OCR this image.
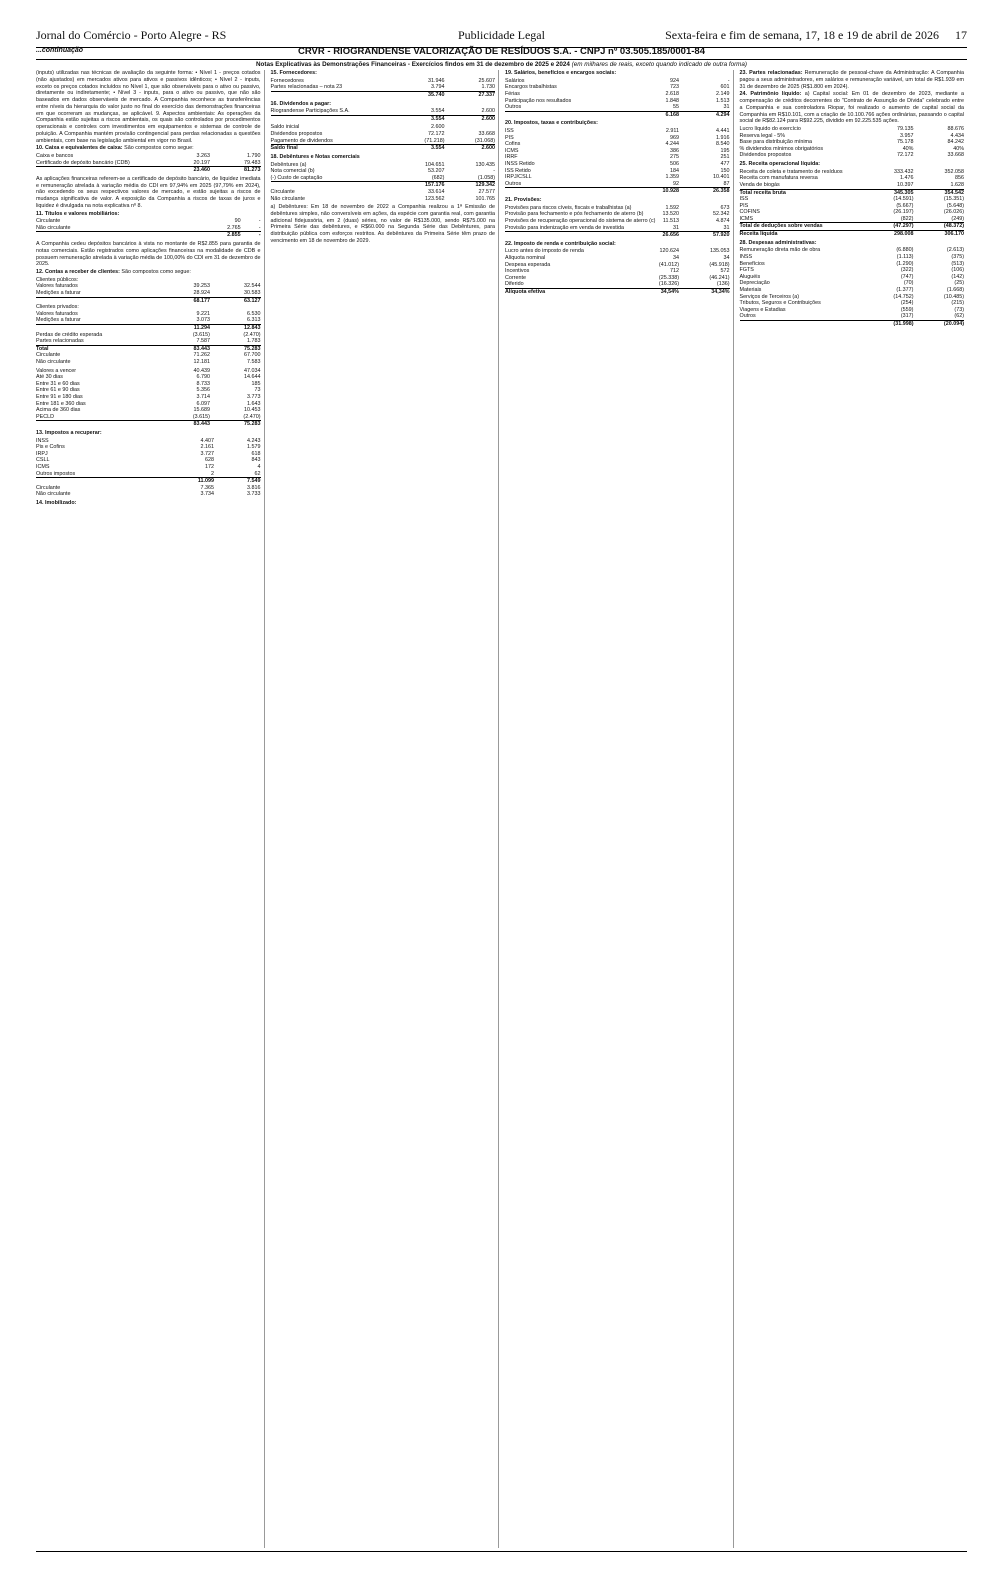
Jornal do Comércio - Porto Alegre - RS	Publicidade Legal	Sexta-feira e fim de semana, 17, 18 e 19 de abril de 2026 17
CRVR - RIOGRANDENSE VALORIZAÇÃO DE RESÍDUOS S.A. - CNPJ nº 03.505.185/0001-84
...continuação
Notas Explicativas às Demonstrações Financeiras - Exercícios findos em 31 de dezembro de 2025 e 2024 (em milhares de reais, exceto quando indicado de outra forma)

(inputs) utilizadas nas técnicas de avaliação da seguinte forma: • Nível 1 - preços cotados (não ajustados) em mercados ativos para ativos e passivos idênticos; • Nível 2 - inputs, exceto os preços cotados incluídos no Nível 1, que são observáveis para o ativo ou passivo, diretamente ou indiretamente; • Nível 3 - inputs, para o ativo ou passivo, que não são baseados em dados observáveis de mercado. A Companhia reconhece as transferências entre níveis da hierarquia do valor justo no final do exercício das demonstrações financeiras em que ocorreram as mudanças, se aplicável. 9. Aspectos ambientais: As operações da Companhia estão sujeitas a riscos ambientais, os quais são controlados por procedimentos operacionais e controles com investimentos em equipamentos e sistemas de controle de poluição. A Companhia mantém provisão contingencial para perdas relacionadas a questões ambientais, com base na legislação ambiental em vigor no Brasil.

10. Caixa e equivalentes de caixa: São compostos como segue:

Caixa e bancos	3.263	1.790
Certificado de depósito bancário (CDB)	20.197	79.483
	23.460	81.273

As aplicações financeiras referem-se a certificado de depósito bancário, de liquidez imediata e remuneração atrelada à variação média do CDI em 97,94% em 2025 (97,79% em 2024), não excedendo os seus respectivos valores de mercado, e estão sujeitas a riscos de mudança significativa de valor. A exposição da Companhia a riscos de taxas de juros e liquidez é divulgada na nota explicativa nº 8.

11. Títulos e valores mobiliários:

Circulante	90	-
Não circulante	2.765	-
	2.855	-

A Companhia cedeu depósitos bancários à vista no montante de R$2.855 para garantia de notas comerciais. Estão registrados como aplicações financeiras na modalidade de CDB e possuem remuneração atrelada à variação média de 100,00% do CDI em 31 de dezembro de 2025.

12. Contas a receber de clientes: São compostos como segue:

Clientes públicos:		
Valores faturados	39.253	32.544
Medições a faturar	28.924	30.583
	68.177	63.127
Clientes privados:		
Valores faturados	9.221	6.530
Medições a faturar	3.073	6.313
	11.294	12.843
Perdas de crédito esperada	(3.615)	(2.470)
Partes relacionadas	7.587	1.783
Total	83.443	75.283
Circulante	71.262	67.700
Não circulante	12.181	7.583
Valores a vencer	40.439	47.034
Até 30 dias	6.790	14.644
Entre 31 e 60 dias	8.733	185
Entre 61 e 90 dias	5.356	73
Entre 91 e 180 dias	3.714	3.773
Entre 181 e 360 dias	6.097	1.643
Acima de 360 dias	15.689	10.453
PECLD	(3.615)	(2.470)
	83.443	75.283

13. Impostos a recuperar:

INSS	4.407	4.243
Pis e Cofins	2.161	1.579
IRPJ	3.727	618
CSLL	628	843
ICMS	172	4
Outros impostos	2	62
	11.099	7.549
Circulante	7.365	3.816
Não circulante	3.734	3.733

14. Imobilizado:

15. Fornecedores:

Fornecedores	31.946	25.607
Partes relacionadas – nota 23	3.794	1.730
	35.740	27.337

16. Dividendos a pagar:

Riograndense Participações S.A.	3.554	2.600
	3.554	2.600
Saldo inicial	2.600	
Dividendos propostos	72.172	33.668
Pagamento de dividendos	(71.218)	(31.068)
Saldo final	3.554	2.600

18. Debêntures e Notas comerciais

Debêntures (a)	104.651	130.435
Nota comercial (b)	53.207	-
(-) Custo de captação	(682)	(1.058)
	157.176	129.342
Circulante	33.614	27.577
Não circulante	123.562	101.765

a) Debêntures: Em 18 de novembro de 2022 a Companhia realizou a 1ª Emissão de debêntures simples, não conversíveis em ações, da espécie com garantia real, com garantia adicional fidejussória, em 2 (duas) séries, no valor de R$135.000, sendo R$75.000 na Primeira Série das debêntures, e R$60.000 na Segunda Série das Debêntures, para distribuição pública com esforços restritos. As debêntures da Primeira Série têm prazo de vencimento em 18 de novembro de 2029.

19. Salários, benefícios e encargos sociais:

Salários	924	-
Encargos trabalhistas	723	601
Férias	2.618	2.149
Participação nos resultados	1.848	1.513
Outros	55	31
	6.168	4.294

20. Impostos, taxas e contribuições:

ISS	2.911	4.441
PIS	969	1.916
Cofins	4.244	8.540
ICMS	386	195
IRRF	275	251
INSS Retido	506	477
ISS Retido	184	150
IRPJ/CSLL	1.359	10.401
Outros	92	87
	10.928	26.358

21. Provisões:

Provisões para riscos cíveis, fiscais e trabalhistas (a)	1.592	673
Provisão para fechamento e pós fechamento de aterro (b)	13.520	52.342
Provisões de recuperação operacional do sistema de aterro (c)	11.513	4.874
Provisão para indenização em venda de investida	31	31
	26.656	57.920

22. Imposto de renda e contribuição social:

Lucro antes do imposto de renda	120.624	135.053
Alíquota nominal	34	34
Despesa esperada	(41.012)	(45.918)
Incentivos	712	572
Corrente	(25.338)	(46.241)
Diferido	(16.326)	(136)
Alíquota efetiva	34,54%	34,34%

23. Partes relacionadas: Remuneração de pessoal-chave da Administração: A Companhia pagou a seus administradores, em salários e remuneração variável, um total de R$1.939 em 31 de dezembro de 2025 (R$1.800 em 2024).

24. Patrimônio líquido: a) Capital social: Em 01 de dezembro de 2023, mediante a compensação de créditos decorrentes do "Contrato de Assunção de Dívida" celebrado entre a Companhia e sua controladora Riopar, foi realizado o aumento de capital social da Companhia em R$10.101, com a criação de 10.100.766 ações ordinárias, passando o capital social de R$82.124 para R$92.225, dividido em 92.225.535 ações.

Lucro líquido do exercício	79.135	88.676
Reserva legal - 5%	3.957	4.434
Base para distribuição mínima	75.178	84.242
% dividendos mínimos obrigatórios	40%	40%
Dividendos propostos	72.172	33.668

25. Receita operacional líquida:

Receita de coleta e tratamento de resíduos	333.432	352.058
Receita com manufatura reversa	1.476	856
Venda de biogás	10.397	1.628
Total receita bruta	345.305	354.542
ISS	(14.591)	(15.351)
PIS	(5.667)	(5.648)
COFINS	(26.197)	(26.026)
ICMS	(822)	(249)
Total de deduções sobre vendas	(47.297)	(48.372)
Receita líquida	298.008	306.170

28. Despesas administrativas:

Remuneração direta mão de obra	(6.880)	(2.613)
INSS	(1.113)	(375)
Benefícios	(1.290)	(513)
FGTS	(322)	(106)
Aluguéis	(747)	(142)
Depreciação	(70)	(25)
Materiais	(1.377)	(1.668)
Serviços de Terceiros (a)	(14.752)	(10.485)
Tributos, Seguros e Contribuições	(254)	(215)
Viagens e Estadias	(559)	(73)
Outros	(317)	(62)
	(31.998)	(20.094)
